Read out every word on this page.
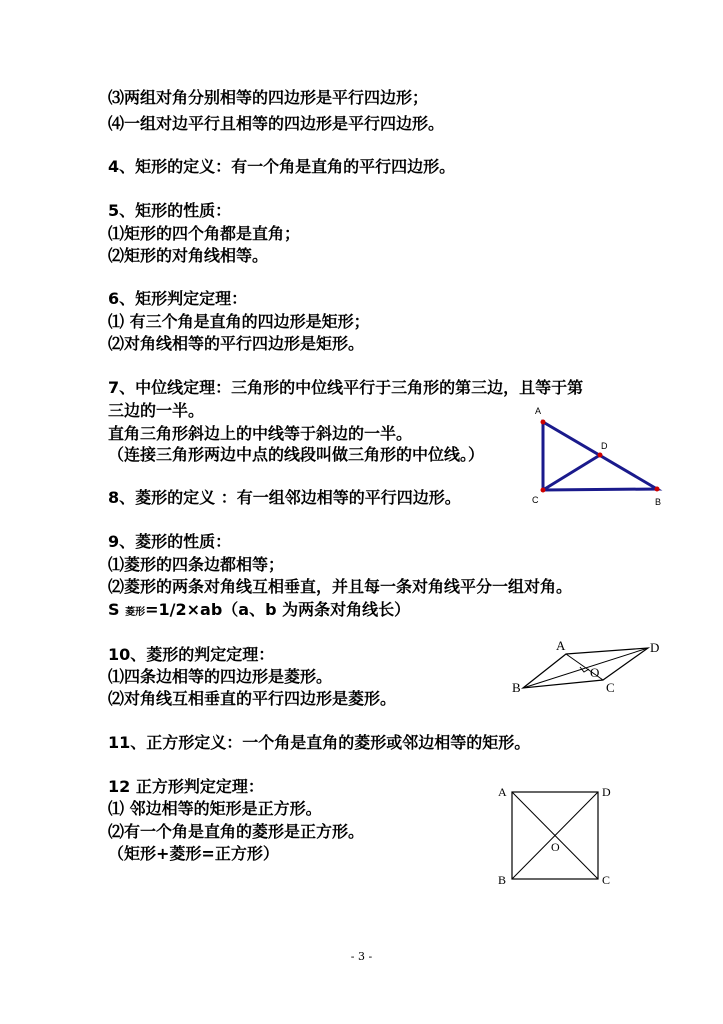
⑶两组对角分别相等的四边形是平行四边形；

⑷一组对边平行且相等的四边形是平行四边形。

4、矩形的定义：有一个角是直角的平行四边形。

5、矩形的性质：

⑴矩形的四个角都是直角；

⑵矩形的对角线相等。

6、矩形判定定理：

⑴ 有三个角是直角的四边形是矩形；

⑵对角线相等的平行四边形是矩形。

7、中位线定理：三角形的中位线平行于三角形的第三边，且等于第

三边的一半。

直角三角形斜边上的中线等于斜边的一半。

（连接三角形两边中点的线段叫做三角形的中位线。）

8、菱形的定义 ：有一组邻边相等的平行四边形。

9、菱形的性质：

⑴菱形的四条边都相等；

⑵菱形的两条对角线互相垂直，并且每一条对角线平分一组对角。

S 菱形=1/2×ab（a、b 为两条对角线长）

10、菱形的判定定理：

⑴四条边相等的四边形是菱形。

⑵对角线互相垂直的平行四边形是菱形。

11、正方形定义：一个角是直角的菱形或邻边相等的矩形。

12 正方形判定定理：

⑴ 邻边相等的矩形是正方形。

⑵有一个角是直角的菱形是正方形。

（矩形+菱形=正方形）

A
D
C	B
A	D
B	C
O
A	D
B	C
O
- 3 -
